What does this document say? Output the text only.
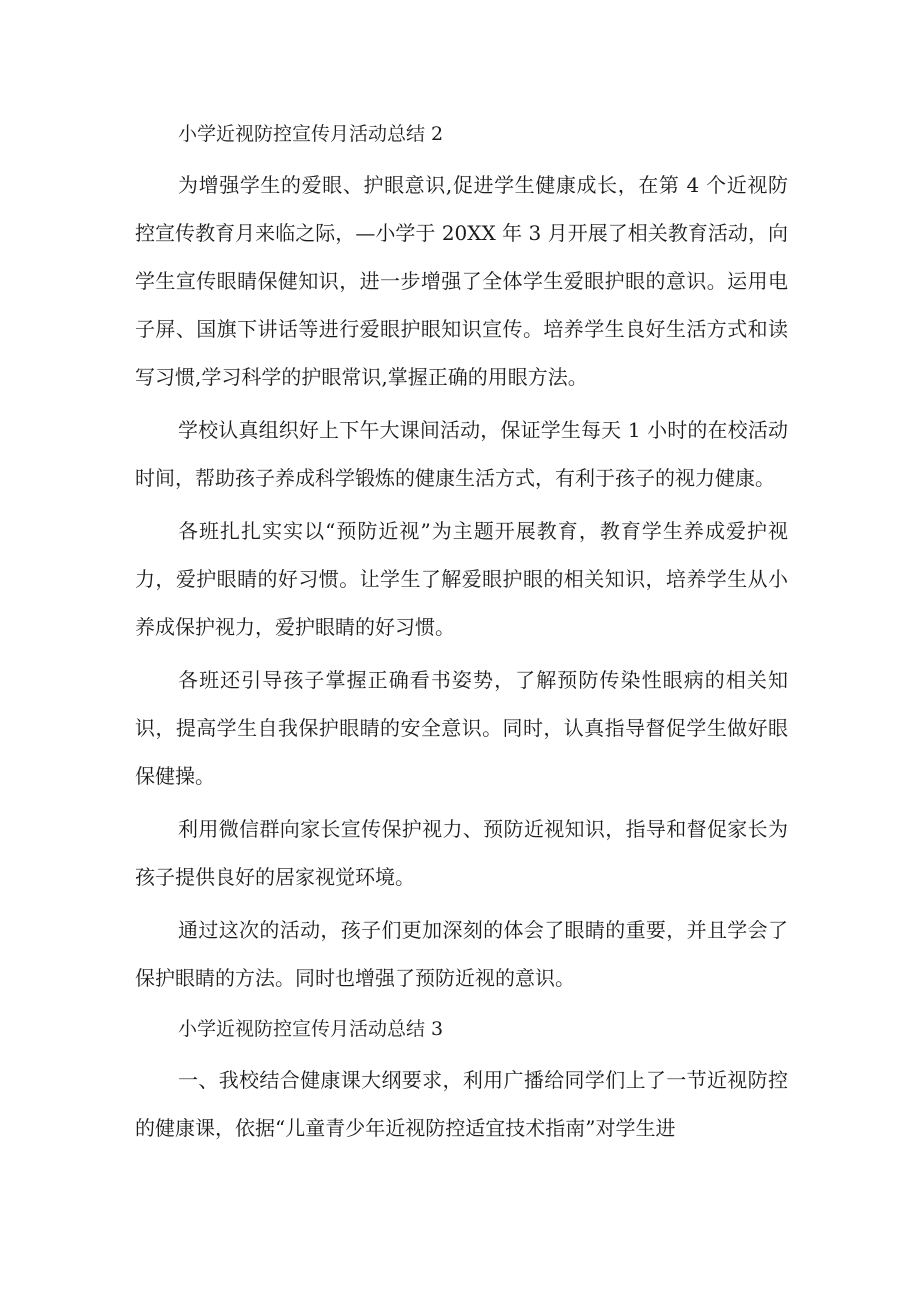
小学近视防控宣传月活动总结 2

为增强学生的爱眼、护眼意识,促进学生健康成长，在第 4 个近视防控宣传教育月来临之际，—小学于 20XX 年 3 月开展了相关教育活动，向学生宣传眼睛保健知识，进一步增强了全体学生爱眼护眼的意识。运用电子屏、国旗下讲话等进行爱眼护眼知识宣传。培养学生良好生活方式和读写习惯,学习科学的护眼常识,掌握正确的用眼方法。

学校认真组织好上下午大课间活动，保证学生每天 1 小时的在校活动时间，帮助孩子养成科学锻炼的健康生活方式，有利于孩子的视力健康。

各班扎扎实实以“预防近视”为主题开展教育，教育学生养成爱护视力，爱护眼睛的好习惯。让学生了解爱眼护眼的相关知识，培养学生从小养成保护视力，爱护眼睛的好习惯。

各班还引导孩子掌握正确看书姿势，了解预防传染性眼病的相关知识，提高学生自我保护眼睛的安全意识。同时，认真指导督促学生做好眼保健操。

利用微信群向家长宣传保护视力、预防近视知识，指导和督促家长为孩子提供良好的居家视觉环境。

通过这次的活动，孩子们更加深刻的体会了眼睛的重要，并且学会了保护眼睛的方法。同时也增强了预防近视的意识。

小学近视防控宣传月活动总结 3

一、我校结合健康课大纲要求，利用广播给同学们上了一节近视防控的健康课，依据“儿童青少年近视防控适宜技术指南”对学生进
